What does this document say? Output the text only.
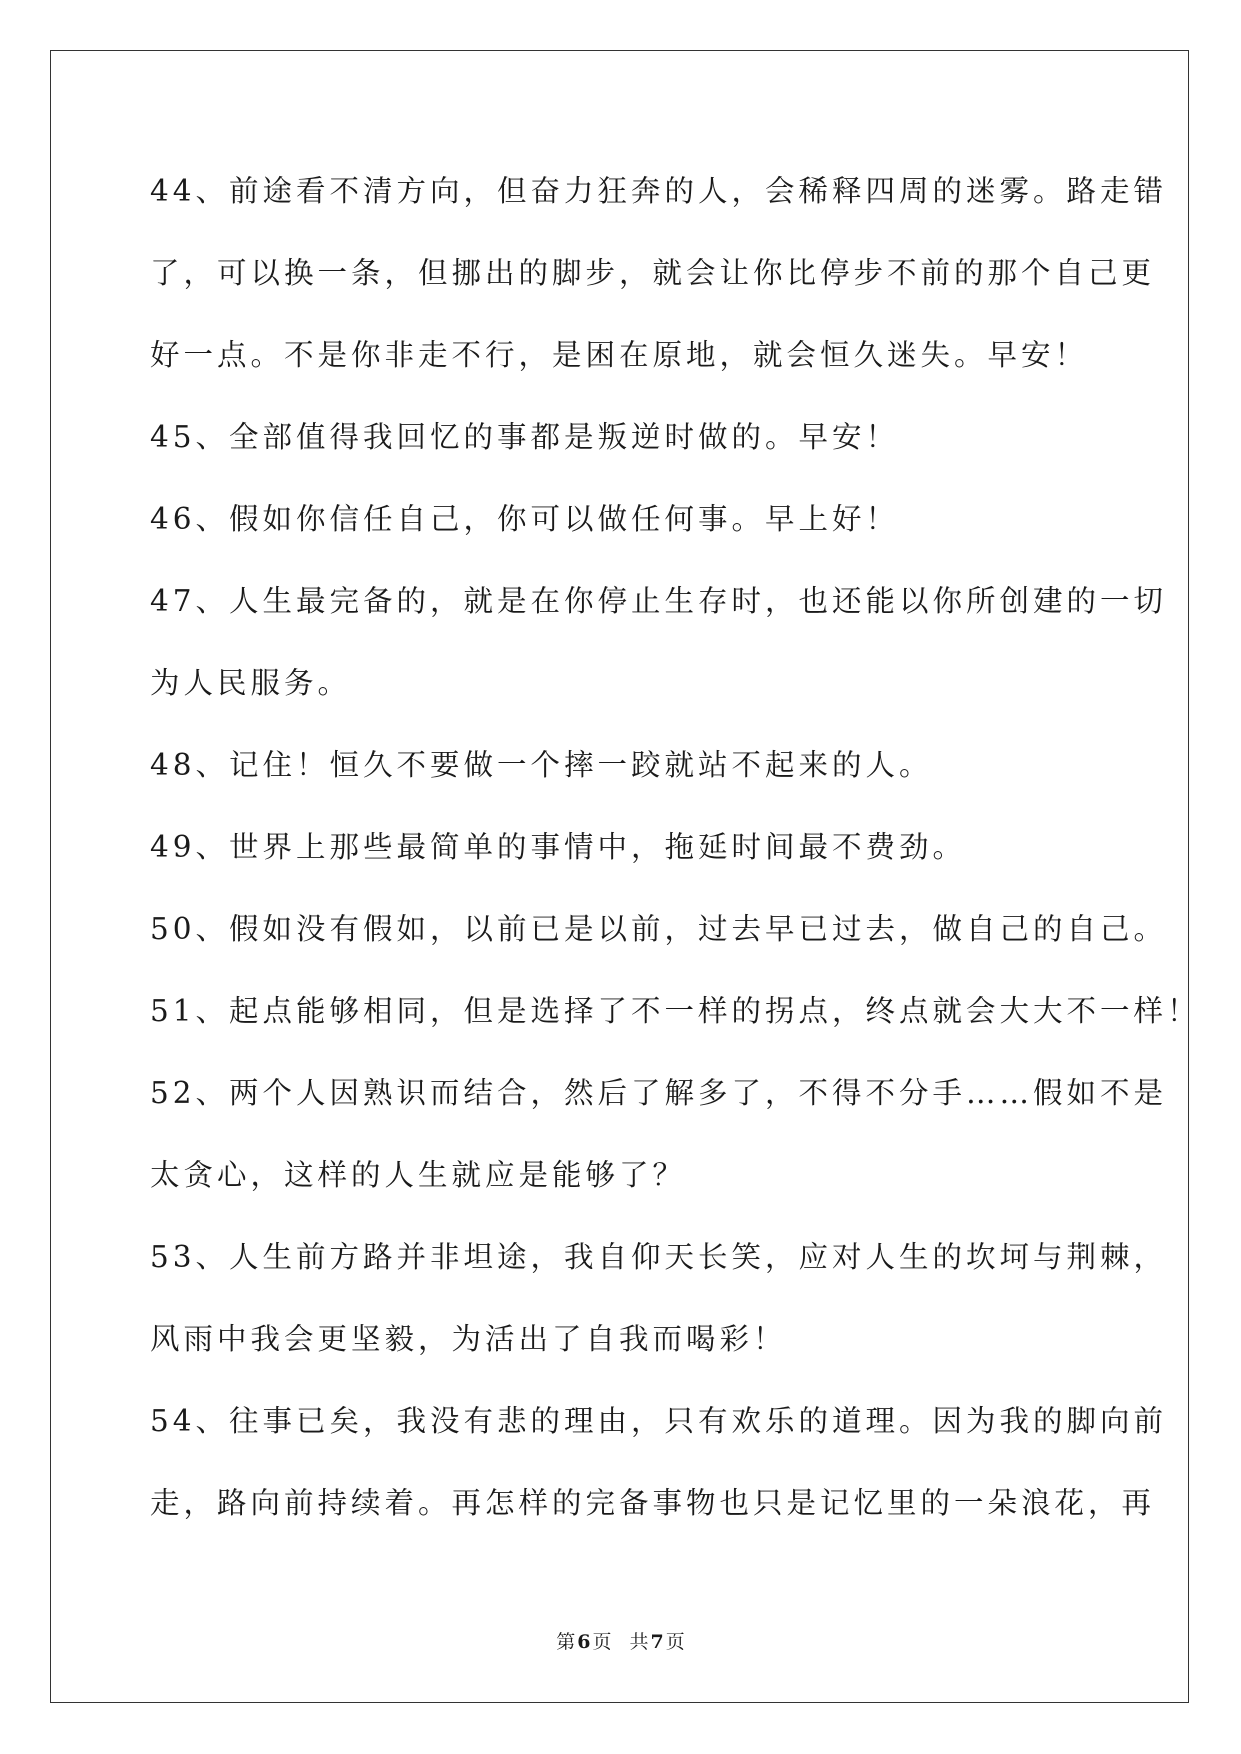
44、前途看不清方向，但奋力狂奔的人，会稀释四周的迷雾。路走错
了，可以换一条，但挪出的脚步，就会让你比停步不前的那个自己更
好一点。不是你非走不行，是困在原地，就会恒久迷失。早安！
45、全部值得我回忆的事都是叛逆时做的。早安！
46、假如你信任自己，你可以做任何事。早上好！
47、人生最完备的，就是在你停止生存时，也还能以你所创建的一切
为人民服务。
48、记住！恒久不要做一个摔一跤就站不起来的人。
49、世界上那些最简单的事情中，拖延时间最不费劲。
50、假如没有假如，以前已是以前，过去早已过去，做自己的自己。
51、起点能够相同，但是选择了不一样的拐点，终点就会大大不一样！
52、两个人因熟识而结合，然后了解多了，不得不分手……假如不是
太贪心，这样的人生就应是能够了？
53、人生前方路并非坦途，我自仰天长笑，应对人生的坎坷与荆棘，
风雨中我会更坚毅，为活出了自我而喝彩！
54、往事已矣，我没有悲的理由，只有欢乐的道理。因为我的脚向前
走，路向前持续着。再怎样的完备事物也只是记忆里的一朵浪花，再
第 6 页 共 7 页
